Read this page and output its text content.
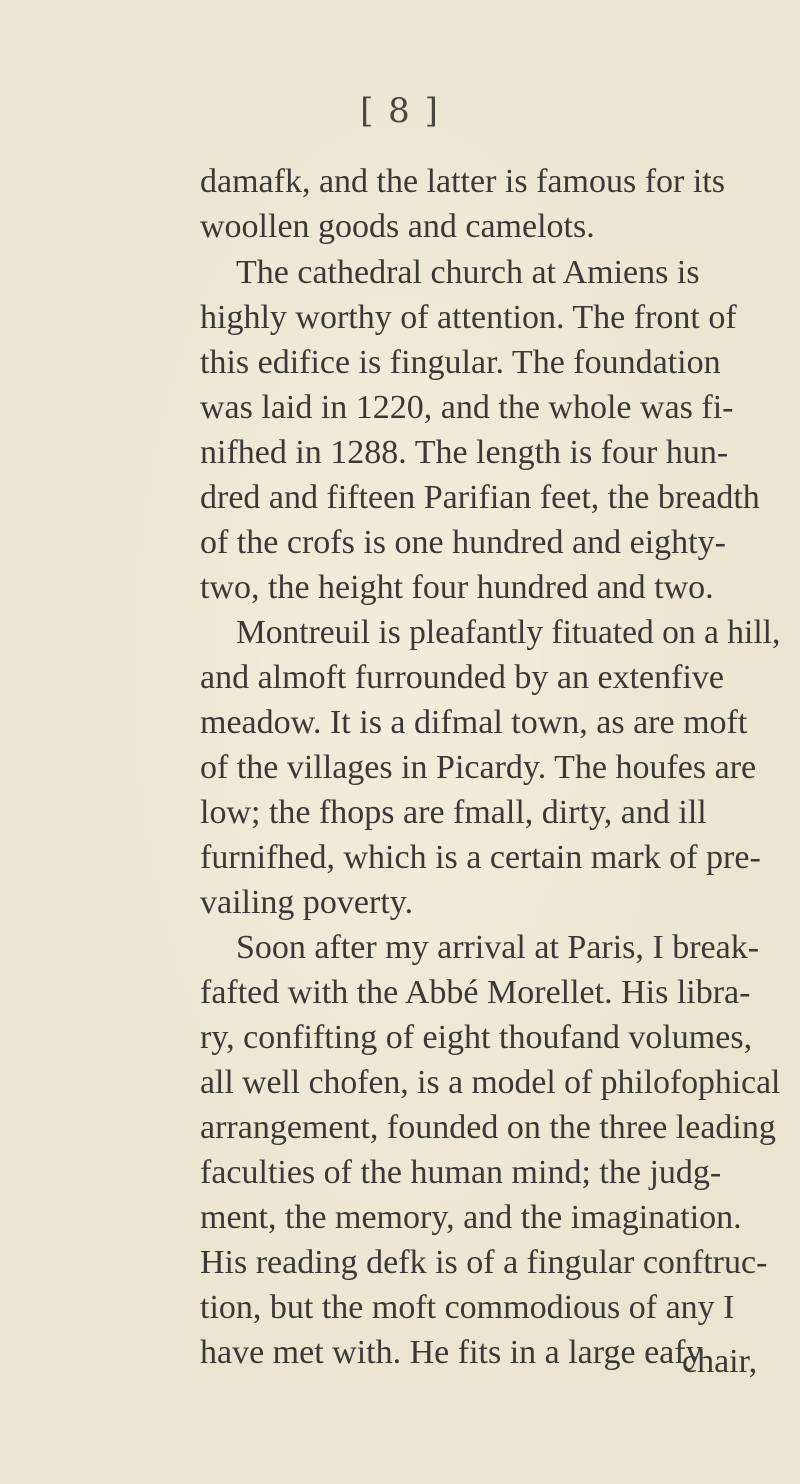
[ 8 ]
damafk, and the latter is famous for its
woollen goods and camelots.
The cathedral church at Amiens is
highly worthy of attention. The front of
this edifice is fingular. The foundation
was laid in 1220, and the whole was fi-
nifhed in 1288. The length is four hun-
dred and fifteen Parifian feet, the breadth
of the crofs is one hundred and eighty-
two, the height four hundred and two.
Montreuil is pleafantly fituated on a hill,
and almoft furrounded by an extenfive
meadow. It is a difmal town, as are moft
of the villages in Picardy. The houfes are
low; the fhops are fmall, dirty, and ill
furnifhed, which is a certain mark of pre-
vailing poverty.
Soon after my arrival at Paris, I break-
fafted with the Abbé Morellet. His libra-
ry, confifting of eight thoufand volumes,
all well chofen, is a model of philofophical
arrangement, founded on the three leading
faculties of the human mind; the judg-
ment, the memory, and the imagination.
His reading defk is of a fingular conftruc-
tion, but the moft commodious of any I
have met with. He fits in a large eafy
chair,
